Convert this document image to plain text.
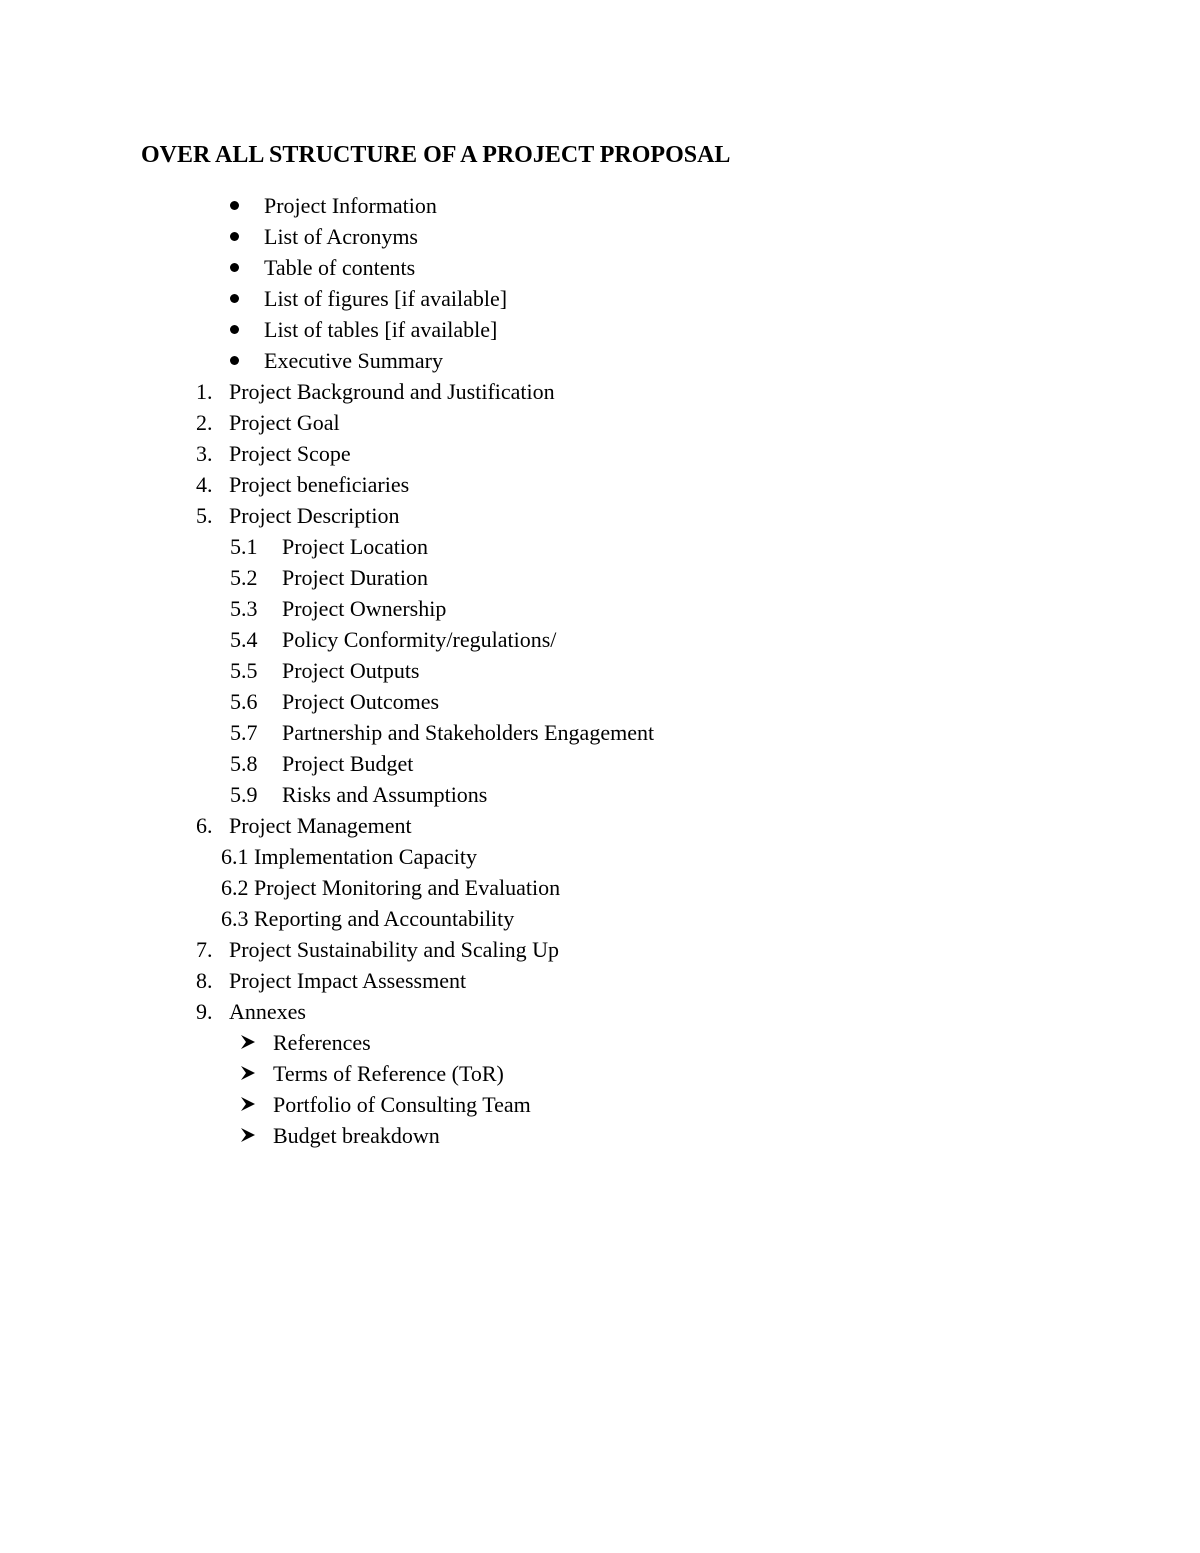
OVER ALL STRUCTURE OF A PROJECT PROPOSAL
Project Information
List of Acronyms
Table of contents
List of figures [if available]
List of tables [if available]
Executive Summary
1. Project Background and Justification
2. Project Goal
3. Project Scope
4. Project beneficiaries
5. Project Description
5.1 Project Location
5.2 Project Duration
5.3 Project Ownership
5.4 Policy Conformity/regulations/
5.5 Project Outputs
5.6 Project Outcomes
5.7 Partnership and Stakeholders Engagement
5.8 Project Budget
5.9 Risks and Assumptions
6. Project Management
6.1 Implementation Capacity
6.2 Project Monitoring and Evaluation
6.3 Reporting and Accountability
7. Project Sustainability and Scaling Up
8. Project Impact Assessment
9. Annexes
References
Terms of Reference (ToR)
Portfolio of Consulting Team
Budget breakdown
